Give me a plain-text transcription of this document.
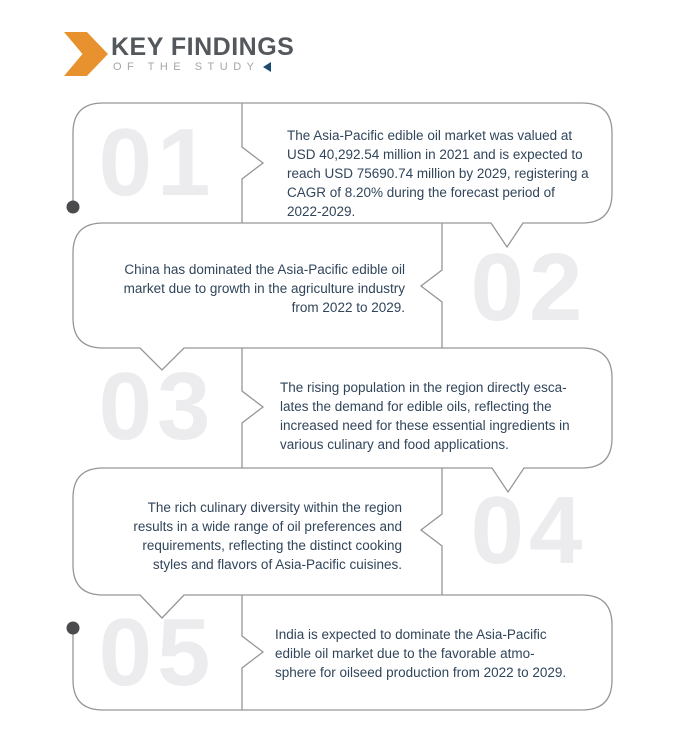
KEY FINDINGS
OF THE STUDY
01	The Asia-Pacific edible oil market was valued at
USD 40,292.54 million in 2021 and is expected to
reach USD 75690.74 million by 2029, registering a
CAGR of 8.20% during the forecast period of
2022-2029.
02
China has dominated the Asia-Pacific edible oil
market due to growth in the agriculture industry
from 2022 to 2029.
03	The rising population in the region directly esca-
lates the demand for edible oils, reflecting the
increased need for these essential ingredients in
various culinary and food applications.
04
The rich culinary diversity within the region
results in a wide range of oil preferences and
requirements, reflecting the distinct cooking
styles and flavors of Asia-Pacific cuisines.
05	India is expected to dominate the Asia-Pacific
edible oil market due to the favorable atmo-
sphere for oilseed production from 2022 to 2029.
